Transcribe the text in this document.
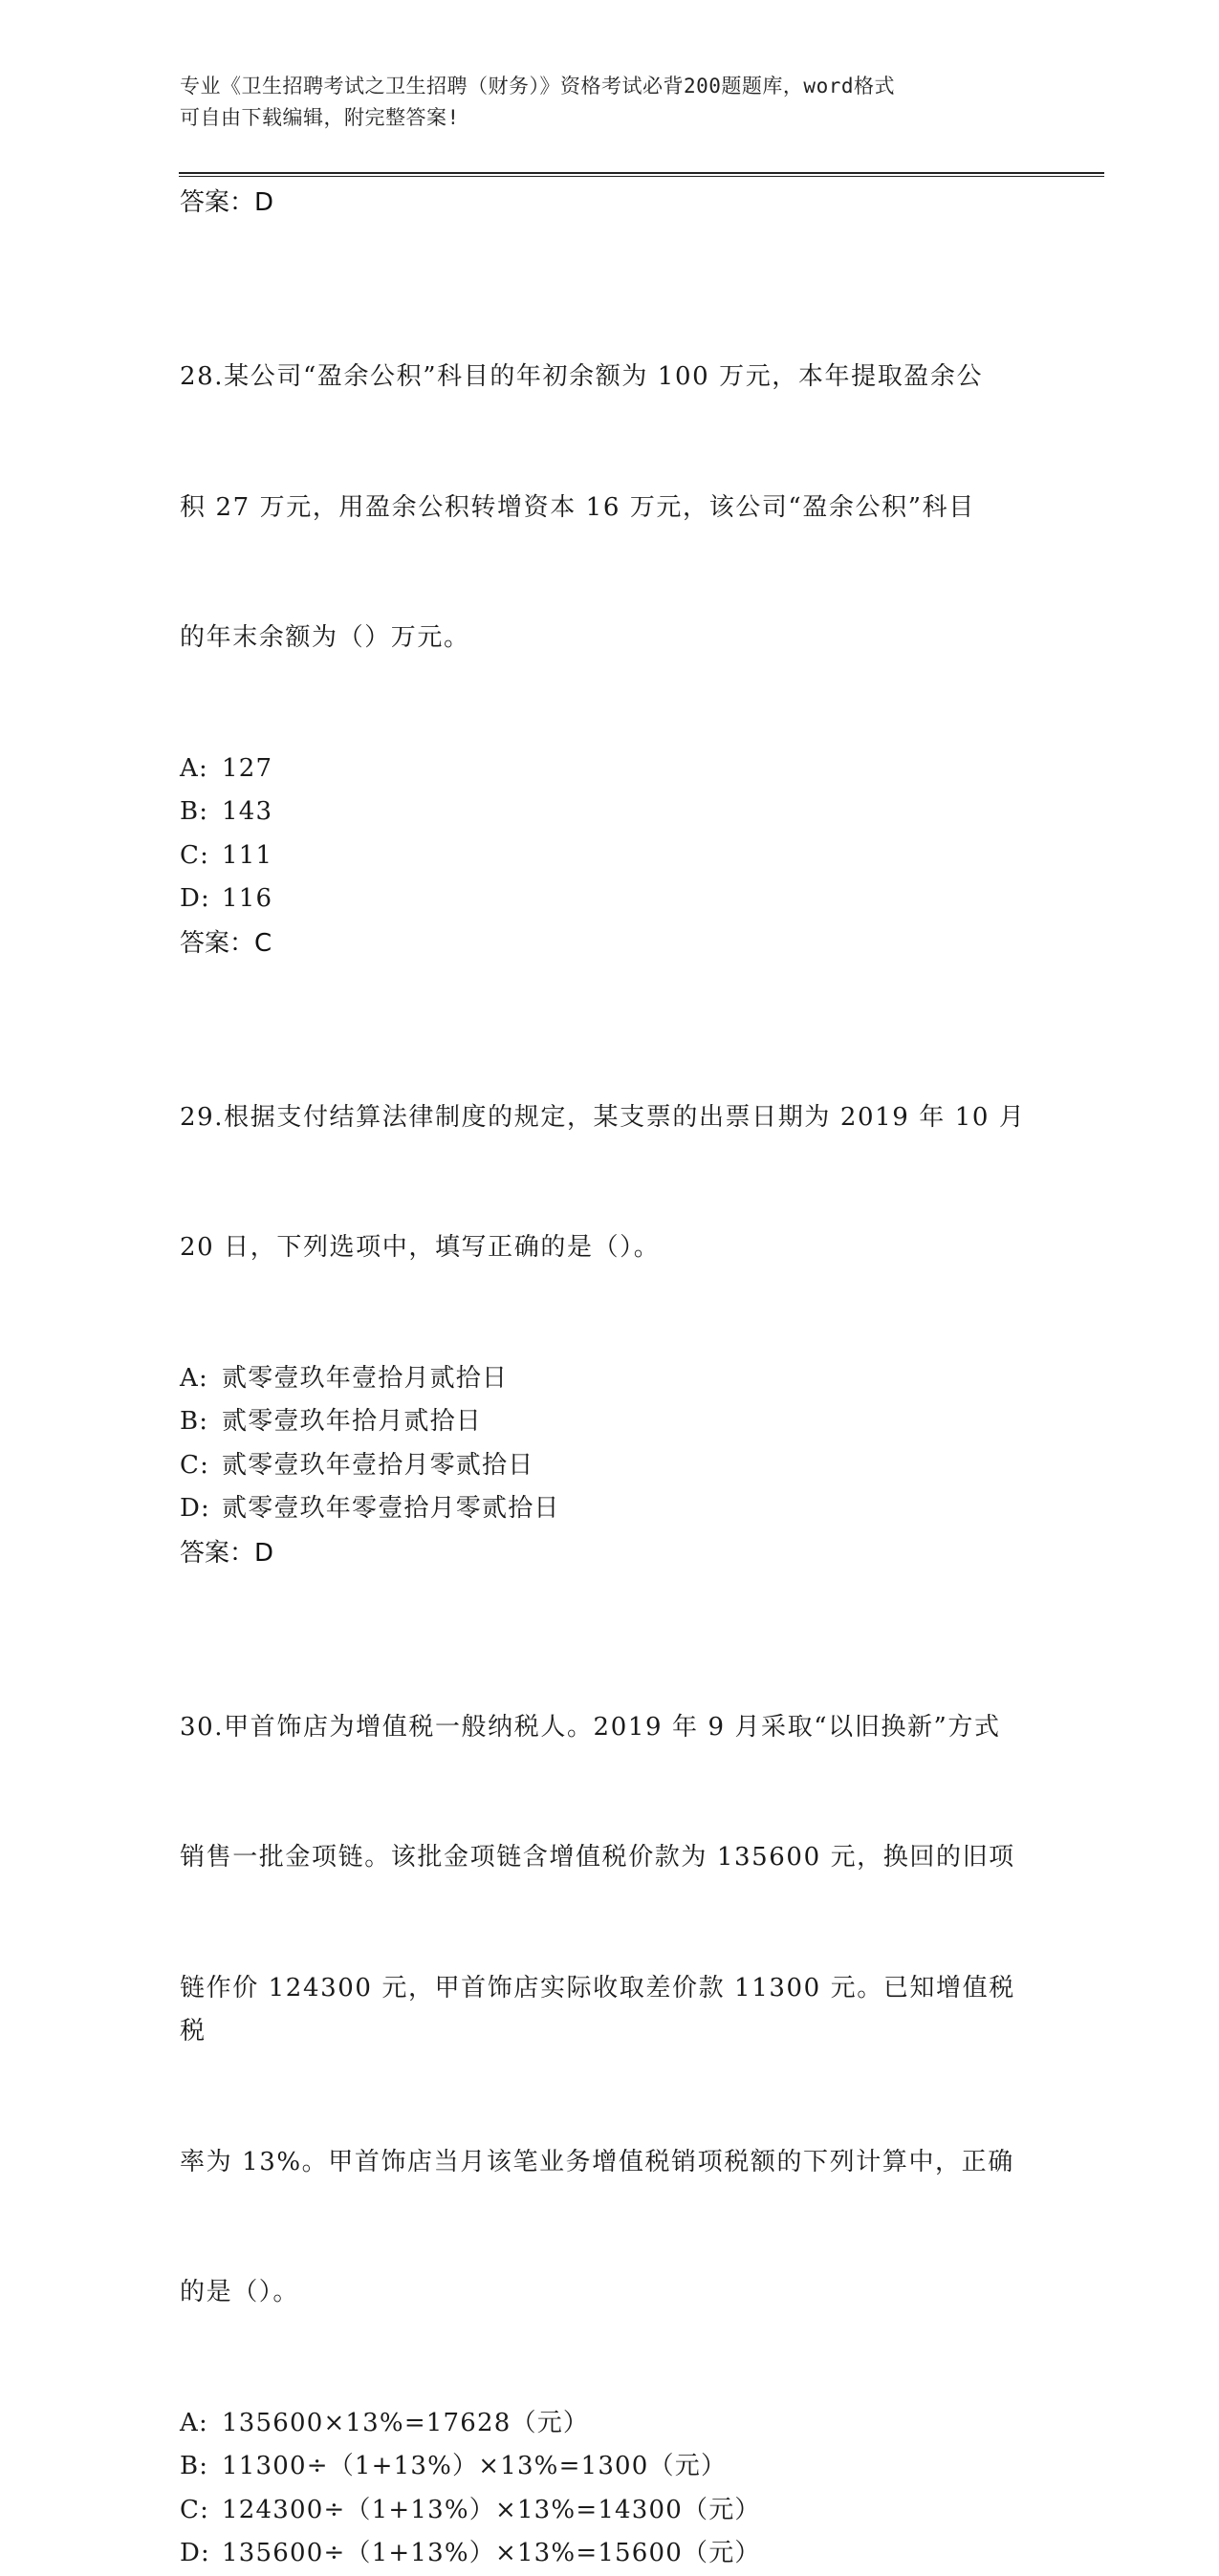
专业《卫生招聘考试之卫生招聘（财务）》资格考试必背200题题库，word格式
可自由下载编辑，附完整答案!
答案：D

28.某公司“盈余公积”科目的年初余额为 100 万元，本年提取盈余公

积 27 万元，用盈余公积转增资本 16 万元，该公司“盈余公积”科目

的年末余额为（）万元。

A: 127
B: 143
C: 111
D: 116
答案：C

29.根据支付结算法律制度的规定，某支票的出票日期为 2019 年 10 月

20 日，下列选项中，填写正确的是（）。

A: 贰零壹玖年壹拾月贰拾日
B: 贰零壹玖年拾月贰拾日
C: 贰零壹玖年壹拾月零贰拾日
D: 贰零壹玖年零壹拾月零贰拾日
答案：D

30.甲首饰店为增值税一般纳税人。2019 年 9 月采取“以旧换新”方式

销售一批金项链。该批金项链含增值税价款为 135600 元，换回的旧项

链作价 124300 元，甲首饰店实际收取差价款 11300 元。已知增值税税

率为 13%。甲首饰店当月该笔业务增值税销项税额的下列计算中，正确

的是（）。

A: 135600×13%=17628（元）
B: 11300÷（1+13%）×13%=1300（元）
C: 124300÷（1+13%）×13%=14300（元）
D: 135600÷（1+13%）×13%=15600（元）
